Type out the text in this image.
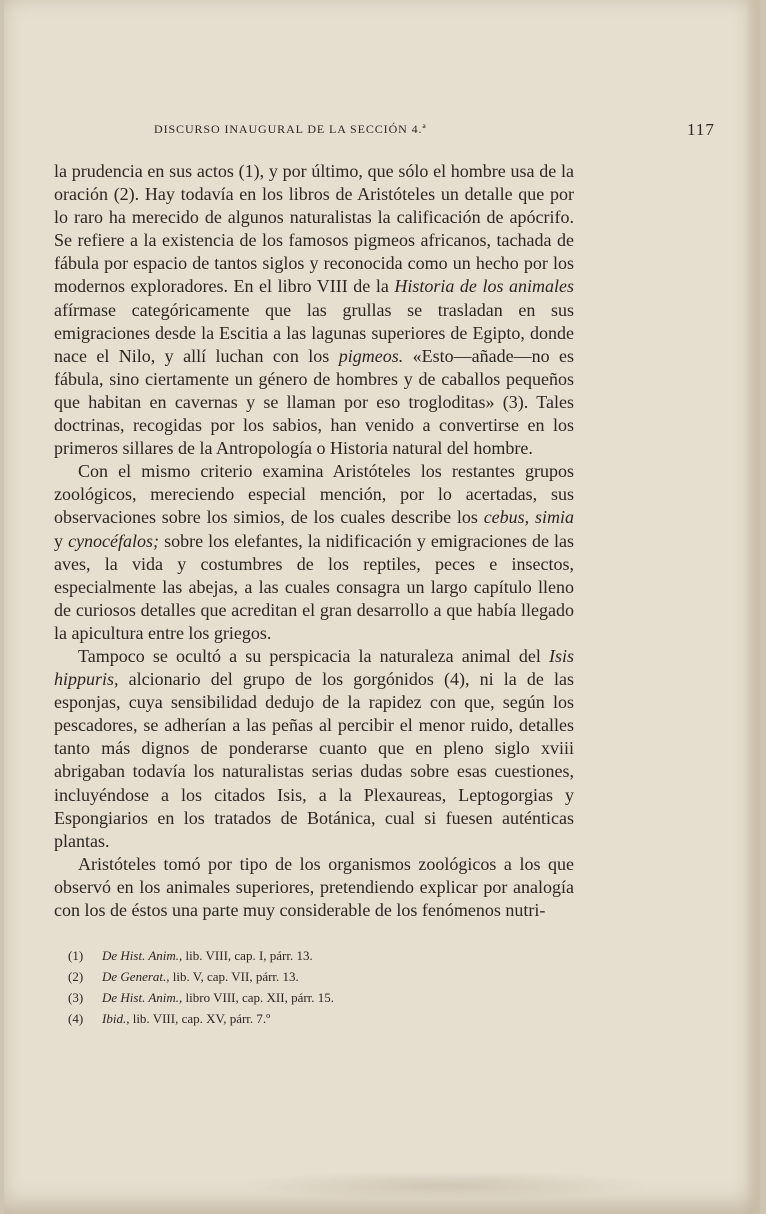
DISCURSO INAUGURAL DE LA SECCIÓN 4.ª	117

la prudencia en sus actos (1), y por último, que sólo el hombre usa de la oración (2). Hay todavía en los libros de Aristóteles un detalle que por lo raro ha merecido de algunos naturalistas la calificación de apócrifo. Se refiere a la existencia de los famosos pigmeos africanos, tachada de fábula por espacio de tantos siglos y reconocida como un hecho por los modernos exploradores. En el libro VIII de la Historia de los animales afírmase categóricamente que las grullas se trasladan en sus emigraciones desde la Escitia a las lagunas superiores de Egipto, donde nace el Nilo, y allí luchan con los pigmeos. «Esto—añade—no es fábula, sino ciertamente un género de hombres y de caballos pequeños que habitan en cavernas y se llaman por eso trogloditas» (3). Tales doctrinas, recogidas por los sabios, han venido a convertirse en los primeros sillares de la Antropología o Historia natural del hombre.

Con el mismo criterio examina Aristóteles los restantes grupos zoológicos, mereciendo especial mención, por lo acertadas, sus observaciones sobre los simios, de los cuales describe los cebus, simia y cynocéfalos; sobre los elefantes, la nidificación y emigraciones de las aves, la vida y costumbres de los reptiles, peces e insectos, especialmente las abejas, a las cuales consagra un largo capítulo lleno de curiosos detalles que acreditan el gran desarrollo a que había llegado la apicultura entre los griegos.

Tampoco se ocultó a su perspicacia la naturaleza animal del Isis hippuris, alcionario del grupo de los gorgónidos (4), ni la de las esponjas, cuya sensibilidad dedujo de la rapidez con que, según los pescadores, se adherían a las peñas al percibir el menor ruido, detalles tanto más dignos de ponderarse cuanto que en pleno siglo xviii abrigaban todavía los naturalistas serias dudas sobre esas cuestiones, incluyéndose a los citados Isis, a la Plexaureas, Leptogorgias y Espongiarios en los tratados de Botánica, cual si fuesen auténticas plantas.

Aristóteles tomó por tipo de los organismos zoológicos a los que observó en los animales superiores, pretendiendo explicar por analogía con los de éstos una parte muy considerable de los fenómenos nutri-

(1) De Hist. Anim., lib. VIII, cap. I, párr. 13.
(2) De Generat., lib. V, cap. VII, párr. 13.
(3) De Hist. Anim., libro VIII, cap. XII, párr. 15.
(4) Ibid., lib. VIII, cap. XV, párr. 7.º
